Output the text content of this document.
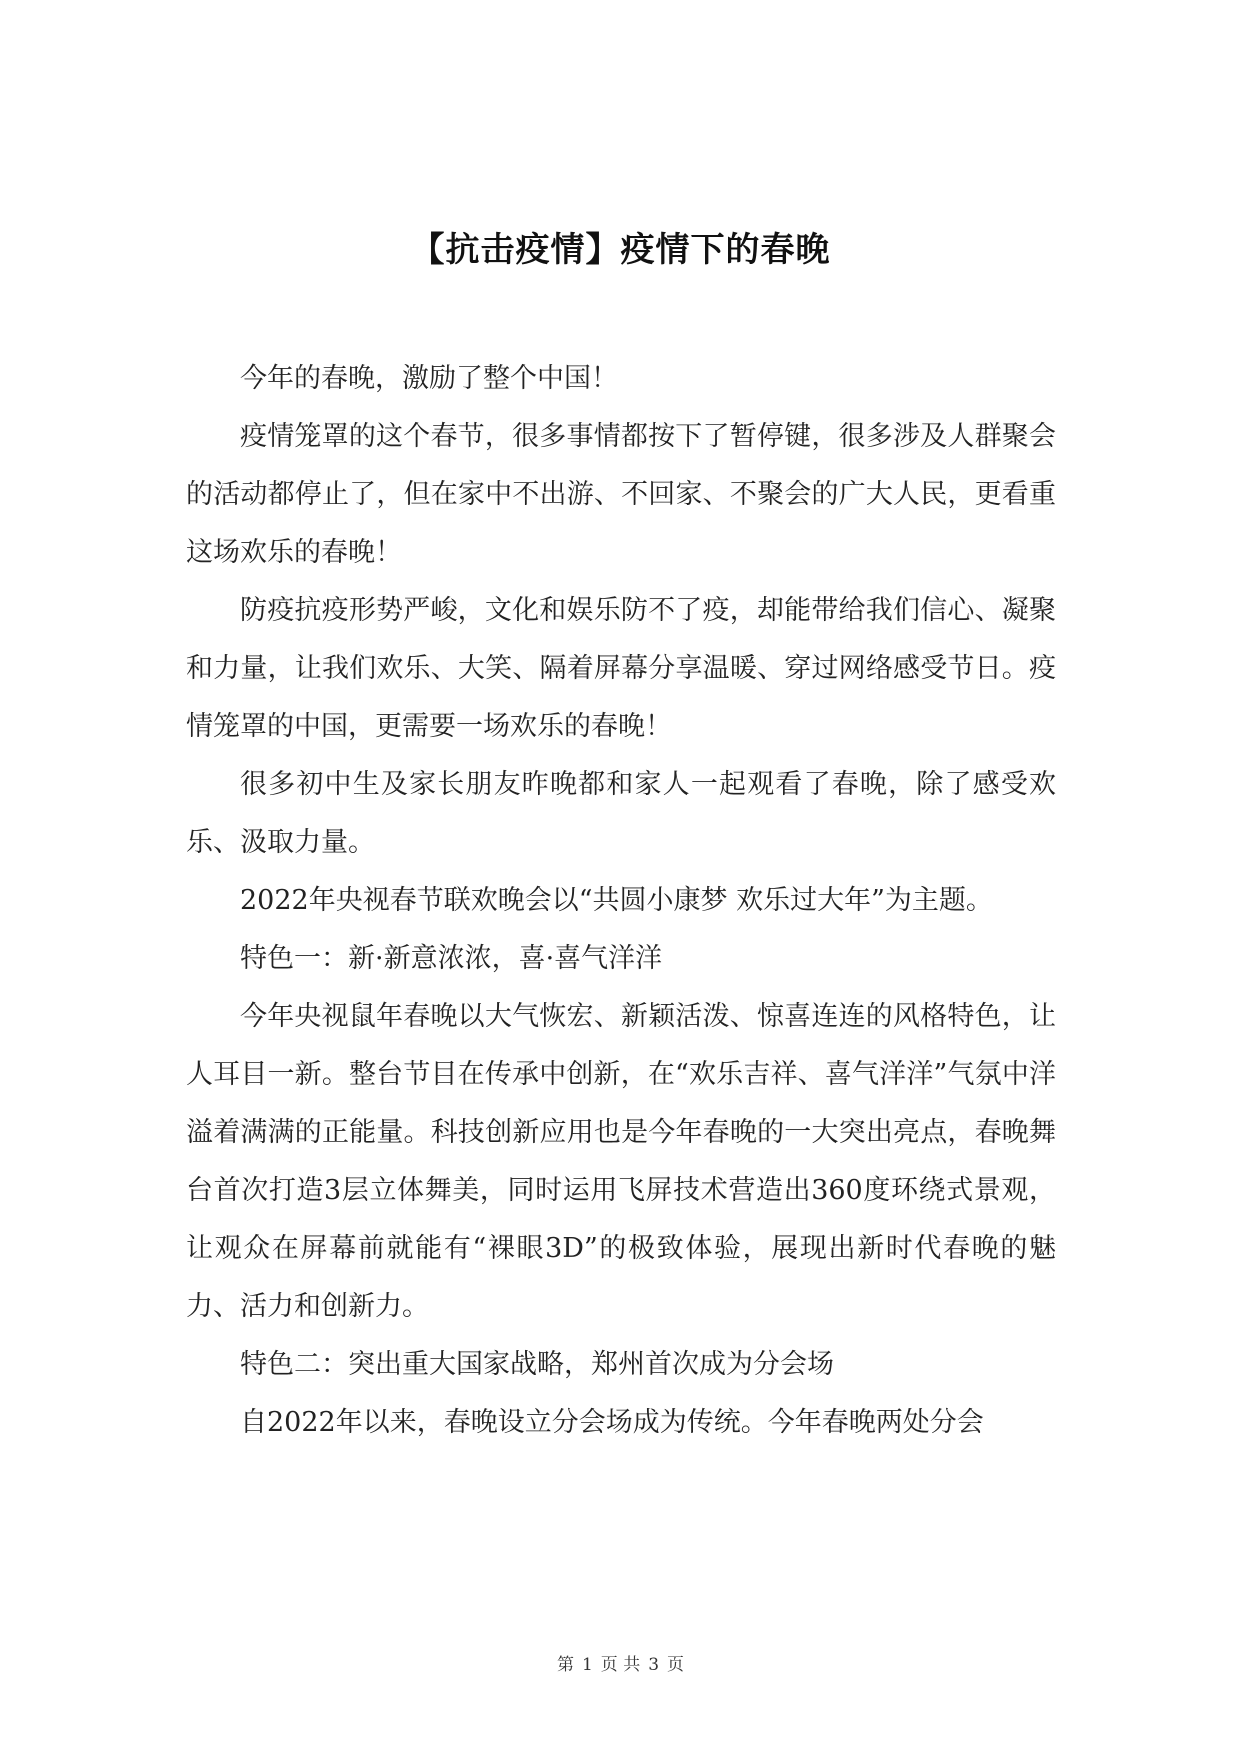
【抗击疫情】疫情下的春晚

今年的春晚，激励了整个中国！

疫情笼罩的这个春节，很多事情都按下了暂停键，很多涉及人群聚会的活动都停止了，但在家中不出游、不回家、不聚会的广大人民，更看重这场欢乐的春晚！

防疫抗疫形势严峻，文化和娱乐防不了疫，却能带给我们信心、凝聚和力量，让我们欢乐、大笑、隔着屏幕分享温暖、穿过网络感受节日。疫情笼罩的中国，更需要一场欢乐的春晚！

很多初中生及家长朋友昨晚都和家人一起观看了春晚，除了感受欢乐、汲取力量。

2022年央视春节联欢晚会以“共圆小康梦 欢乐过大年”为主题。

特色一：新·新意浓浓，喜·喜气洋洋

今年央视鼠年春晚以大气恢宏、新颖活泼、惊喜连连的风格特色，让人耳目一新。整台节目在传承中创新，在“欢乐吉祥、喜气洋洋”气氛中洋溢着满满的正能量。科技创新应用也是今年春晚的一大突出亮点，春晚舞台首次打造3层立体舞美，同时运用飞屏技术营造出360度环绕式景观，让观众在屏幕前就能有“裸眼3D”的极致体验，展现出新时代春晚的魅力、活力和创新力。

特色二：突出重大国家战略，郑州首次成为分会场

自2022年以来，春晚设立分会场成为传统。今年春晚两处分会

第 1 页 共 3 页
